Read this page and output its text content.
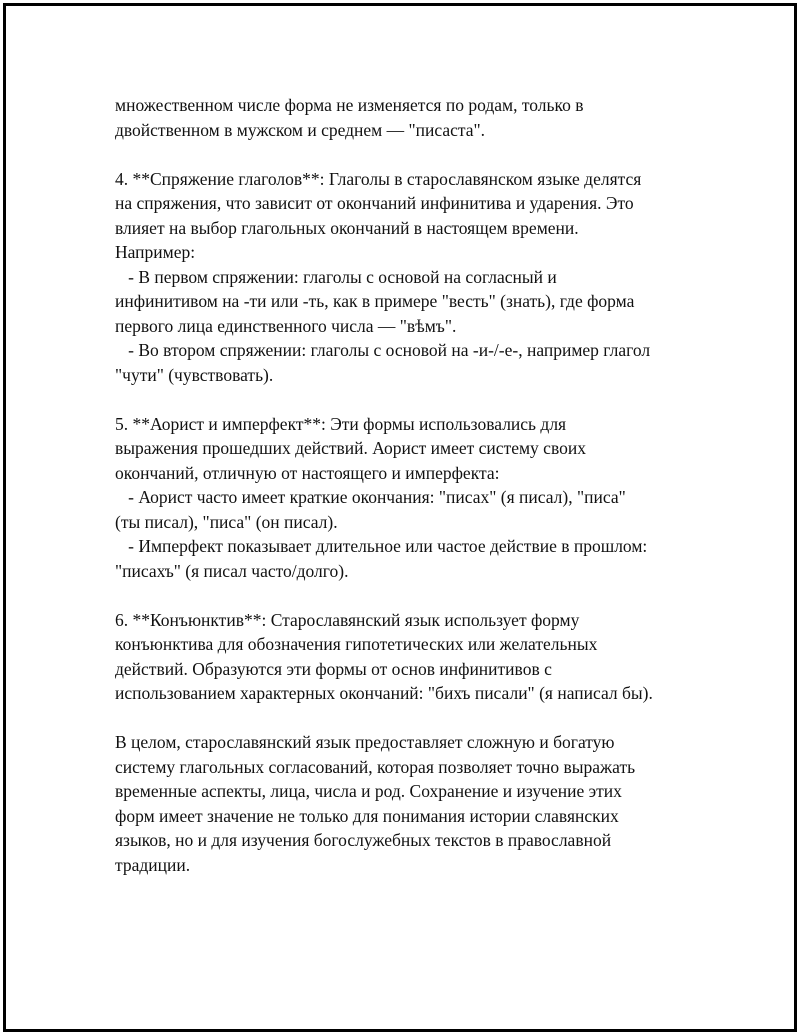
множественном числе форма не изменяется по родам, только в
двойственном в мужском и среднем — "писаста".
4. **Спряжение глаголов**: Глаголы в старославянском языке делятся
на спряжения, что зависит от окончаний инфинитива и ударения. Это
влияет на выбор глагольных окончаний в настоящем времени.
Например:
- В первом спряжении: глаголы с основой на согласный и
инфинитивом на -ти или -ть, как в примере "весть" (знать), где форма
первого лица единственного числа — "вѣмъ".
- Во втором спряжении: глаголы с основой на -и-/-е-, например глагол
"чути" (чувствовать).
5. **Аорист и имперфект**: Эти формы использовались для
выражения прошедших действий. Аорист имеет систему своих
окончаний, отличную от настоящего и имперфекта:
- Аорист часто имеет краткие окончания: "писах" (я писал), "писа"
(ты писал), "писа" (он писал).
- Имперфект показывает длительное или частое действие в прошлом:
"писахъ" (я писал часто/долго).
6. **Конъюнктив**: Старославянский язык использует форму
конъюнктива для обозначения гипотетических или желательных
действий. Образуются эти формы от основ инфинитивов с
использованием характерных окончаний: "бихъ писали" (я написал бы).
В целом, старославянский язык предоставляет сложную и богатую
систему глагольных согласований, которая позволяет точно выражать
временные аспекты, лица, числа и род. Сохранение и изучение этих
форм имеет значение не только для понимания истории славянских
языков, но и для изучения богослужебных текстов в православной
традиции.
